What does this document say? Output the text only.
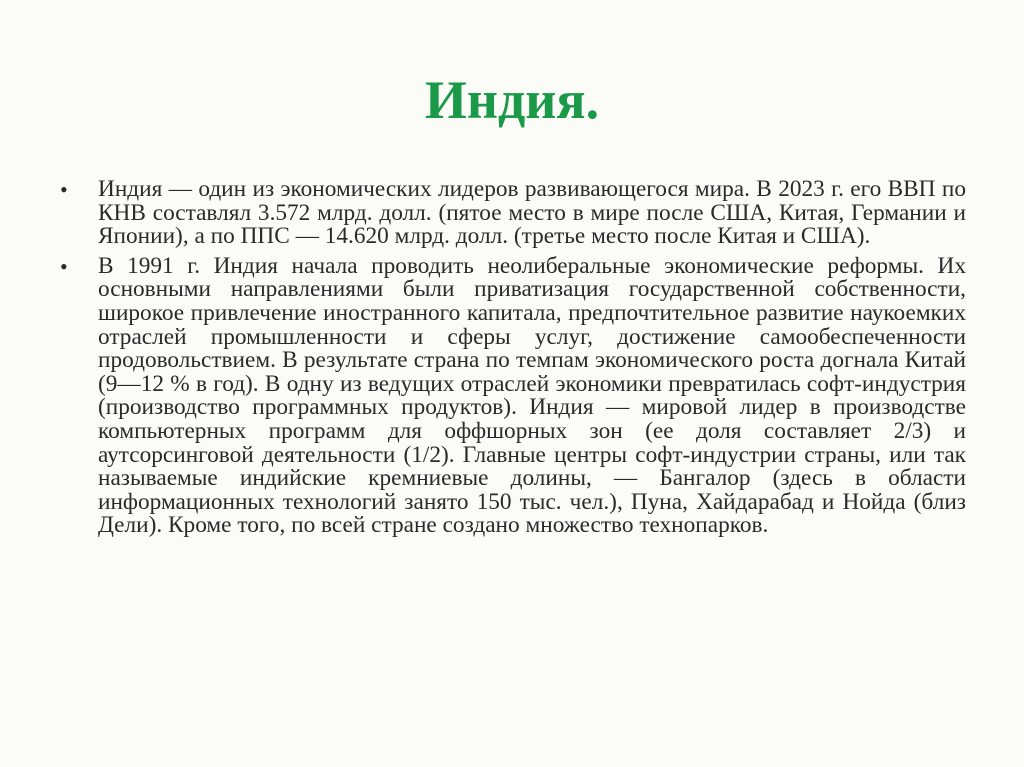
Индия.
• Индия — один из экономических лидеров развивающегося мира. В 2023 г. его ВВП по КНВ составлял 3.572 млрд. долл. (пятое место в мире после США, Китая, Германии и Японии), а по ППС — 14.620 млрд. долл. (третье место после Китая и США).
• В 1991 г. Индия начала проводить неолиберальные экономические реформы. Их основными направлениями были приватизация государственной собственности, широкое привлечение иностранного капитала, предпочтительное развитие наукоемких отраслей промышленности и сферы услуг, достижение самообеспеченности продовольствием. В результате страна по темпам экономического роста догнала Китай (9—12 % в год). В одну из ведущих отраслей экономики превратилась софт-индустрия (производство программных продуктов). Индия — мировой лидер в производстве компьютерных программ для оффшорных зон (ее доля составляет 2/3) и аутсорсинговой деятельности (1/2). Главные центры софт-индустрии страны, или так называемые индийские кремниевые долины, — Бангалор (здесь в области информационных технологий занято 150 тыс. чел.), Пуна, Хайдарабад и Нойда (близ Дели). Кроме того, по всей стране создано множество технопарков.
